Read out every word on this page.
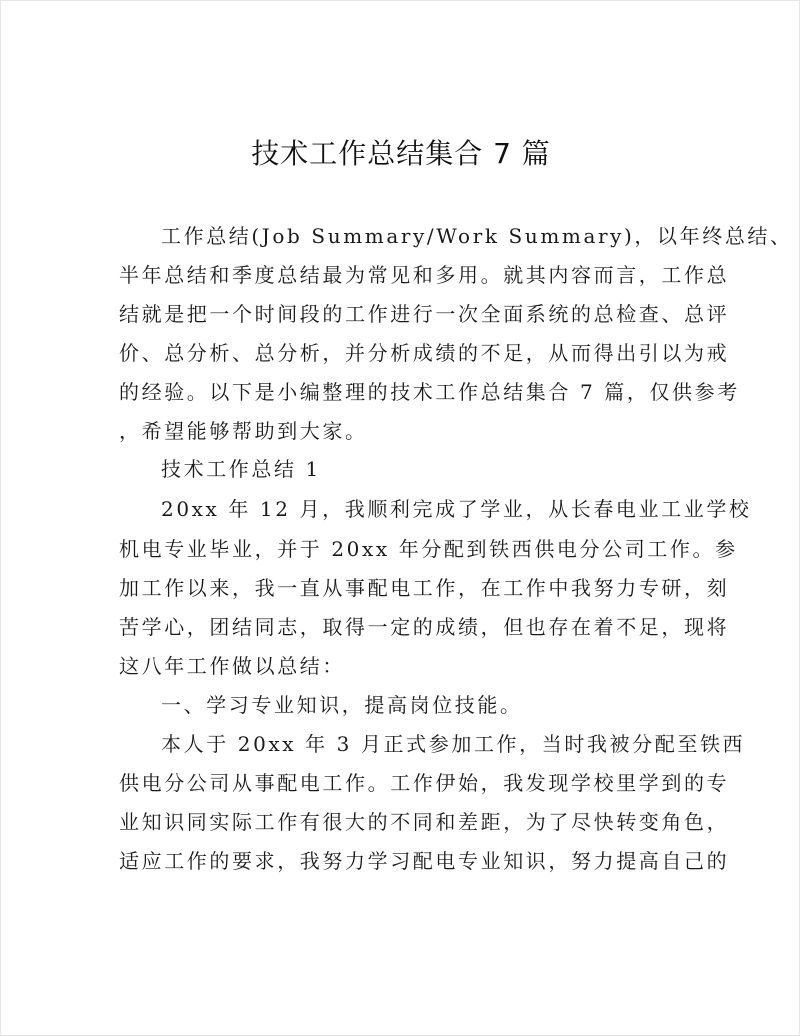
技术工作总结集合 7 篇
工作总结(Job Summary/Work Summary)，以年终总结、
半年总结和季度总结最为常见和多用。就其内容而言，工作总
结就是把一个时间段的工作进行一次全面系统的总检查、总评
价、总分析、总分析，并分析成绩的不足，从而得出引以为戒
的经验。以下是小编整理的技术工作总结集合 7 篇，仅供参考
，希望能够帮助到大家。
技术工作总结 1
20xx 年 12 月，我顺利完成了学业，从长春电业工业学校
机电专业毕业，并于 20xx 年分配到铁西供电分公司工作。参
加工作以来，我一直从事配电工作，在工作中我努力专研，刻
苦学心，团结同志，取得一定的成绩，但也存在着不足，现将
这八年工作做以总结：
一、学习专业知识，提高岗位技能。
本人于 20xx 年 3 月正式参加工作，当时我被分配至铁西
供电分公司从事配电工作。工作伊始，我发现学校里学到的专
业知识同实际工作有很大的不同和差距，为了尽快转变角色，
适应工作的要求，我努力学习配电专业知识，努力提高自己的
